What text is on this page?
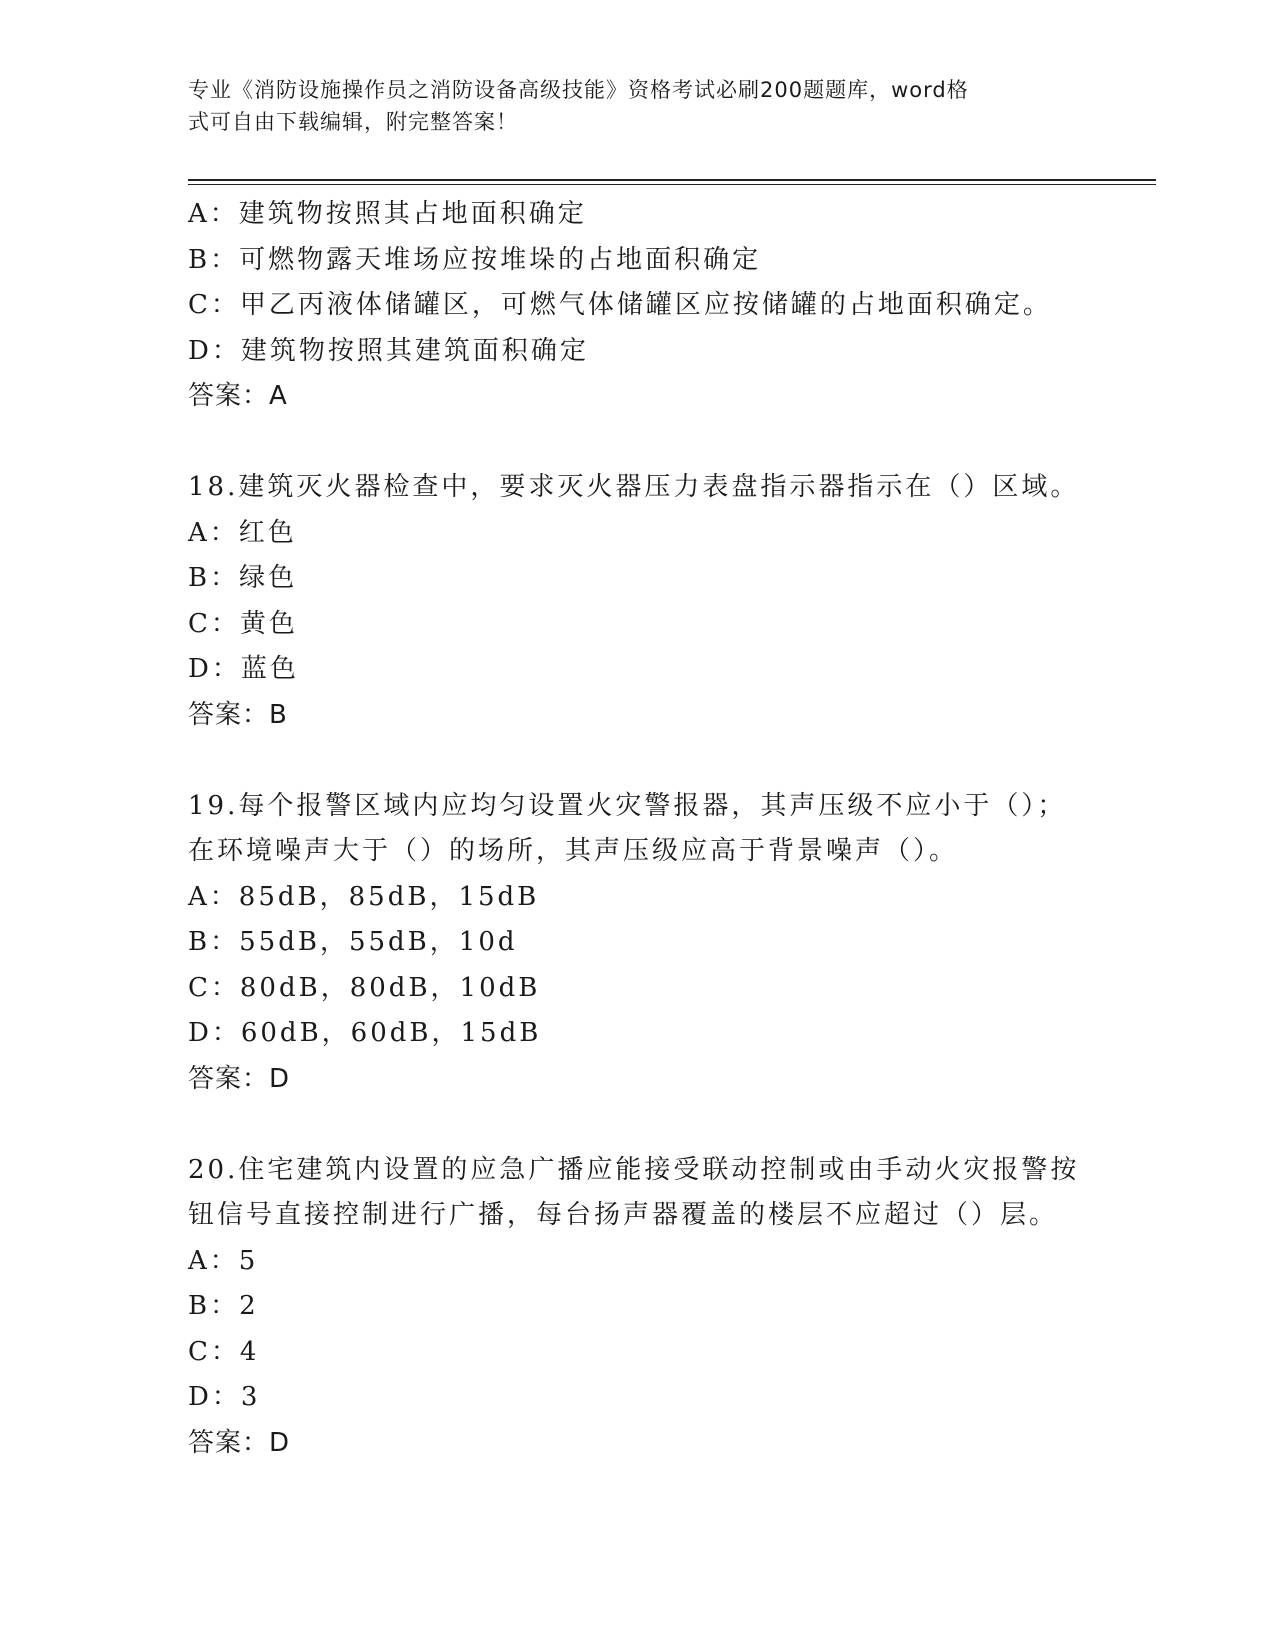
专业《消防设施操作员之消防设备高级技能》资格考试必刷200题题库，word格
式可自由下载编辑，附完整答案！
A：建筑物按照其占地面积确定
B：可燃物露天堆场应按堆垛的占地面积确定
C：甲乙丙液体储罐区，可燃气体储罐区应按储罐的占地面积确定。
D：建筑物按照其建筑面积确定
答案：A
18.建筑灭火器检查中，要求灭火器压力表盘指示器指示在（）区域。
A：红色
B：绿色
C：黄色
D：蓝色
答案：B
19.每个报警区域内应均匀设置火灾警报器，其声压级不应小于（）；
在环境噪声大于（）的场所，其声压级应高于背景噪声（）。
A：85dB，85dB，15dB
B：55dB，55dB，10d
C：80dB，80dB，10dB
D：60dB，60dB，15dB
答案：D
20.住宅建筑内设置的应急广播应能接受联动控制或由手动火灾报警按
钮信号直接控制进行广播，每台扬声器覆盖的楼层不应超过（）层。
A：5
B：2
C：4
D：3
答案：D
